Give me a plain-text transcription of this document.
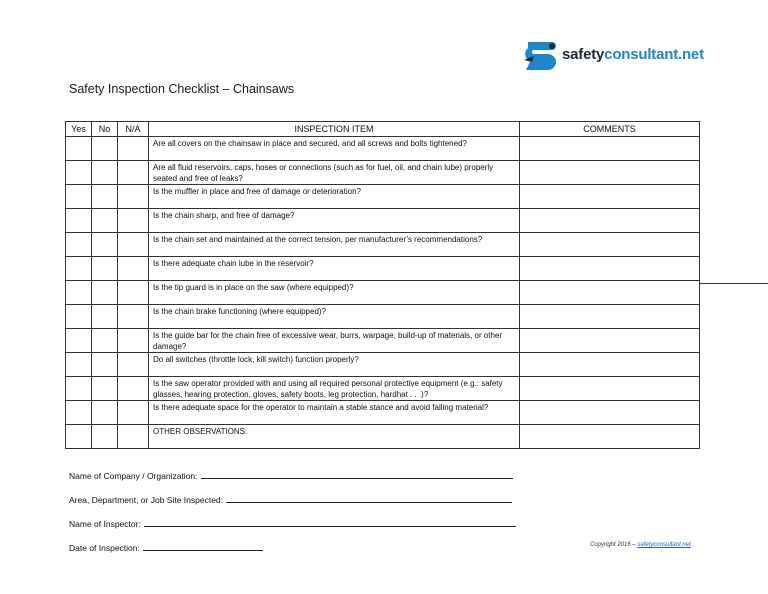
safetyconsultant.net
Safety Inspection Checklist – Chainsaws
Yes	No	N/A	INSPECTION ITEM	COMMENTS
			Are all covers on the chainsaw in place and secured, and all screws and bolts tightened?	
			Are all fluid reservoirs, caps, hoses or connections (such as for fuel, oil, and chain lube) properly seated and free of leaks?	
			Is the muffler in place and free of damage or deterioration?	
			Is the chain sharp, and free of damage?	
			Is the chain set and maintained at the correct tension, per manufacturer’s recommendations?	
			Is there adequate chain lube in the reservoir?	
			Is the tip guard is in place on the saw (where equipped)?	
			Is the chain brake functioning (where equipped)?	
			Is the guide bar for the chain free of excessive wear, burrs, warpage, build-up of materials, or other damage?	
			Do all switches (throttle lock, kill switch) function properly?	
			Is the saw operator provided with and using all required personal protective equipment (e.g.: safety glasses, hearing protection, gloves, safety boots, leg protection, hardhat . . .)?	
			Is there adequate space for the operator to maintain a stable stance and avoid falling material?	
			OTHER OBSERVATIONS:	
Name of Company / Organization:
Area, Department, or Job Site Inspected:
Name of Inspector:
Date of Inspection:	Copyright 2016 – safetyconsultant.net
